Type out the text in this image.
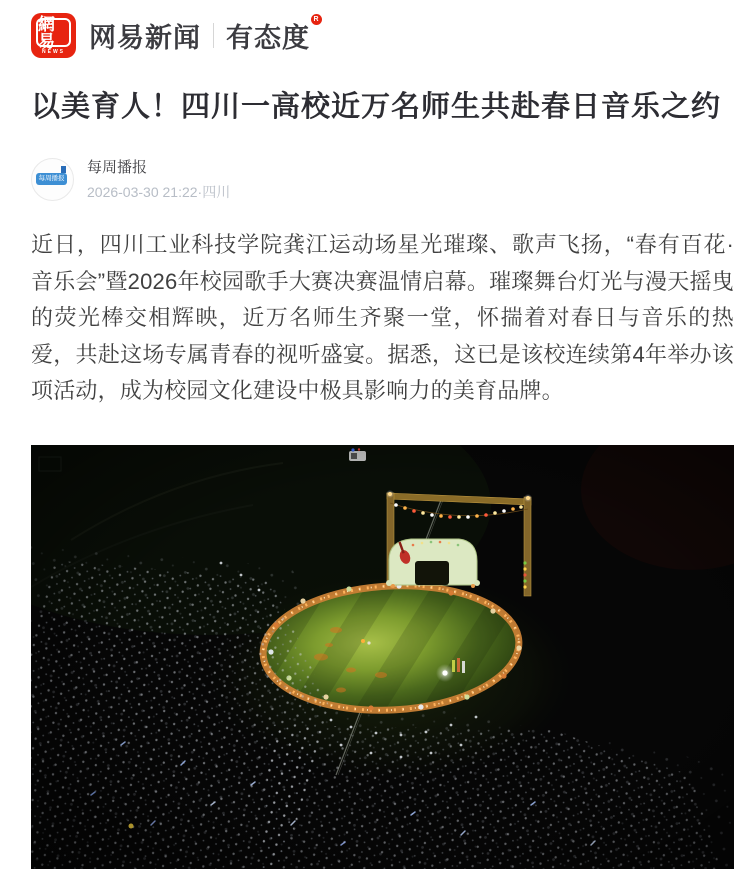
網易
NEWS 网易新闻 有态度R
以美育人！四川一高校近万名师生共赴春日音乐之约
每周播报
每周播报
2026-03-30 21:22·四川

近日，四川工业科技学院龚江运动场星光璀璨、歌声飞扬，“春有百花·音乐会”暨2026年校园歌手大赛决赛温情启幕。璀璨舞台灯光与漫天摇曳的荧光棒交相辉映，近万名师生齐聚一堂，怀揣着对春日与音乐的热爱，共赴这场专属青春的视听盛宴。据悉，这已是该校连续第4年举办该项活动，成为校园文化建设中极具影响力的美育品牌。
